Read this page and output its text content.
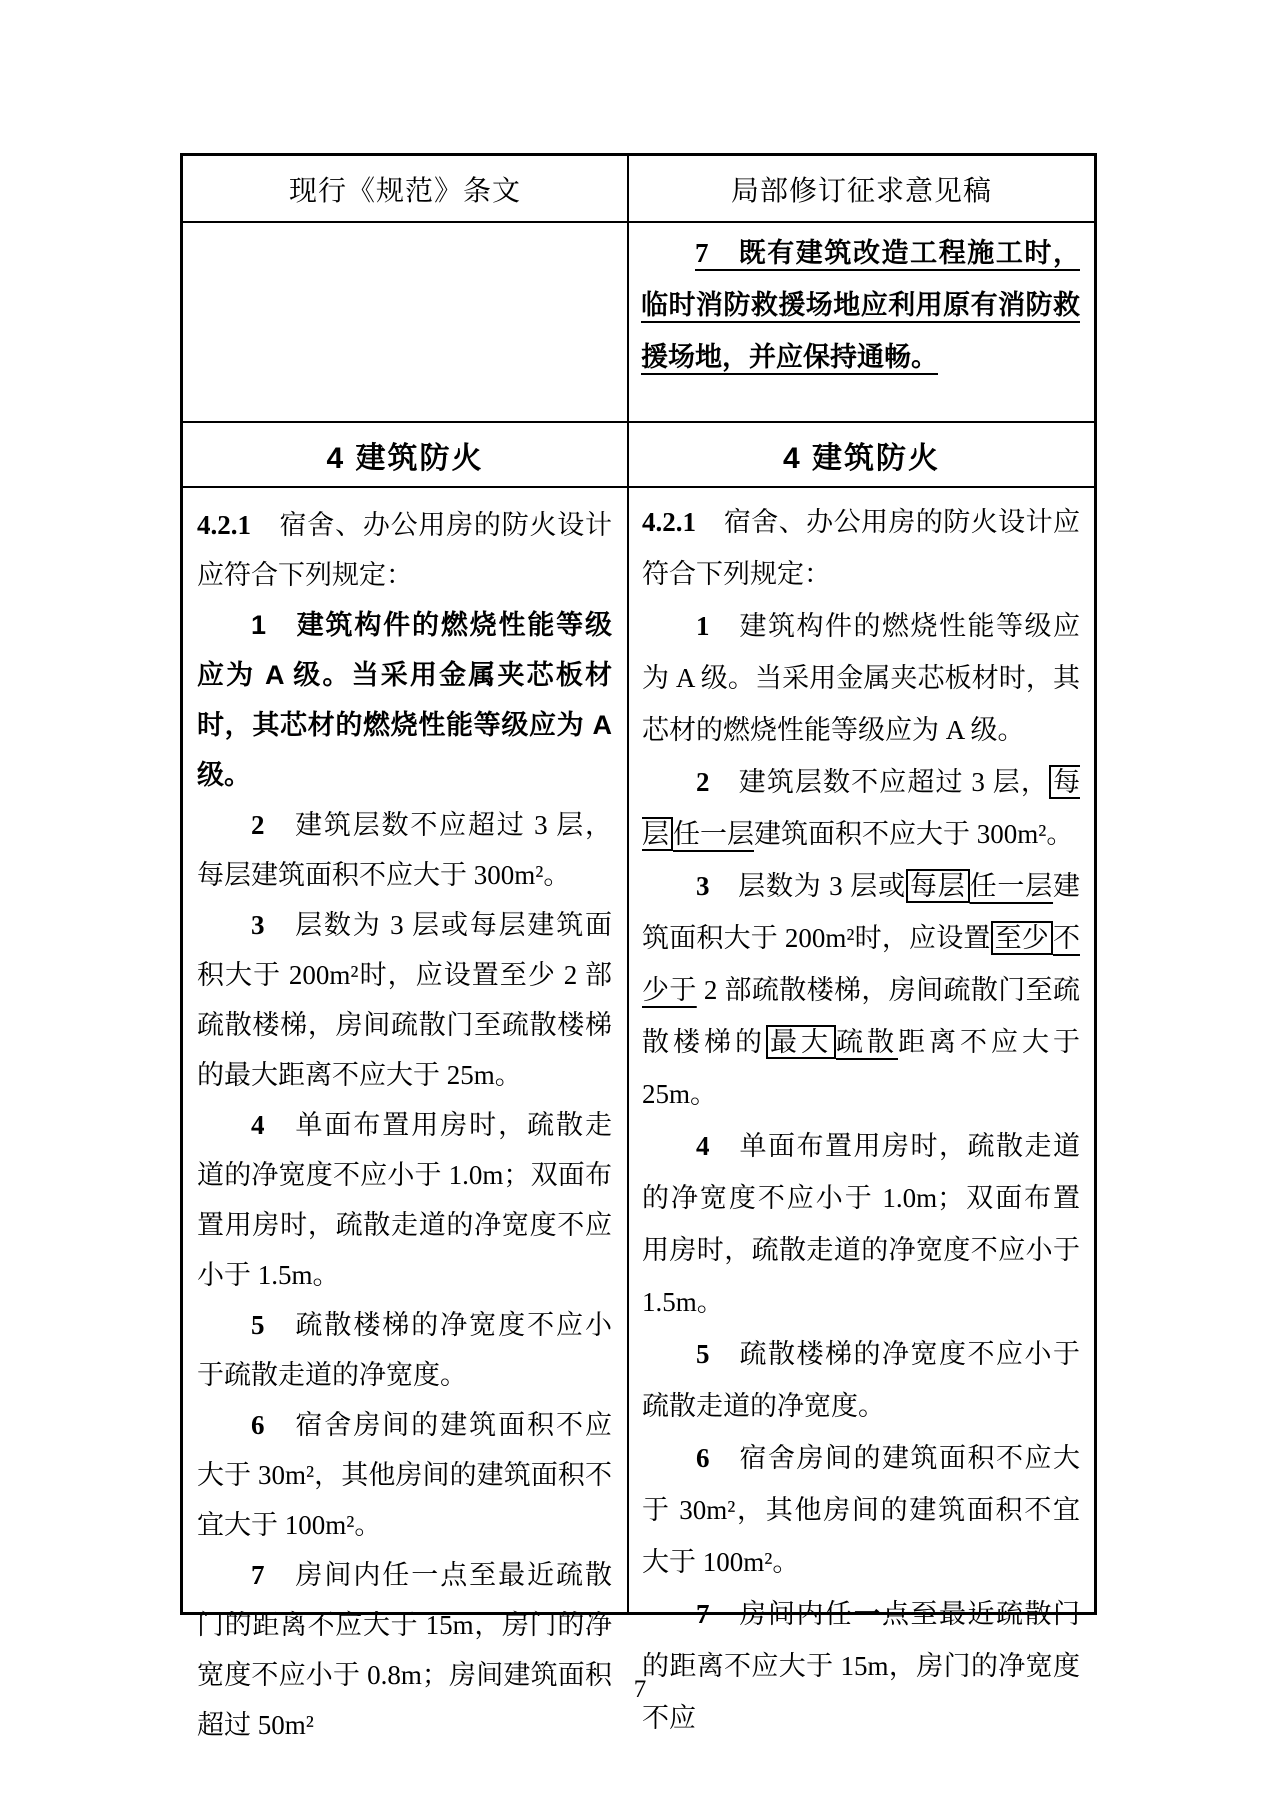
现行《规范》条文	局部修订征求意见稿

7　既有建筑改造工程施工时，临时消防救援场地应利用原有消防救援场地，并应保持通畅。

4 建筑防火	4 建筑防火

4.2.1　宿舍、办公用房的防火设计应符合下列规定：

1　建筑构件的燃烧性能等级应为 A 级。当采用金属夹芯板材时，其芯材的燃烧性能等级应为 A 级。

2　建筑层数不应超过 3 层，每层建筑面积不应大于 300m²。

3　层数为 3 层或每层建筑面积大于 200m²时，应设置至少 2 部疏散楼梯，房间疏散门至疏散楼梯的最大距离不应大于 25m。

4　单面布置用房时，疏散走道的净宽度不应小于 1.0m；双面布置用房时，疏散走道的净宽度不应小于 1.5m。

5　疏散楼梯的净宽度不应小于疏散走道的净宽度。

6　宿舍房间的建筑面积不应大于 30m²，其他房间的建筑面积不宜大于 100m²。

7　房间内任一点至最近疏散门的距离不应大于 15m，房门的净宽度不应小于 0.8m；房间建筑面积超过 50m²

4.2.1　宿舍、办公用房的防火设计应符合下列规定：

1　建筑构件的燃烧性能等级应为 A 级。当采用金属夹芯板材时，其芯材的燃烧性能等级应为 A 级。

2　建筑层数不应超过 3 层， 每层 任一层建筑面积不应大于 300m²。

3　层数为 3 层或 每层 任一层建筑面积大于 200m²时，应设置 至少 不少于 2 部疏散楼梯，房间疏散门至疏散楼梯的 最大 疏散距离不应大于 25m。

4　单面布置用房时，疏散走道的净宽度不应小于 1.0m；双面布置用房时，疏散走道的净宽度不应小于 1.5m。

5　疏散楼梯的净宽度不应小于疏散走道的净宽度。

6　宿舍房间的建筑面积不应大于 30m²，其他房间的建筑面积不宜大于 100m²。

7　房间内任一点至最近疏散门的距离不应大于 15m，房门的净宽度不应

7
